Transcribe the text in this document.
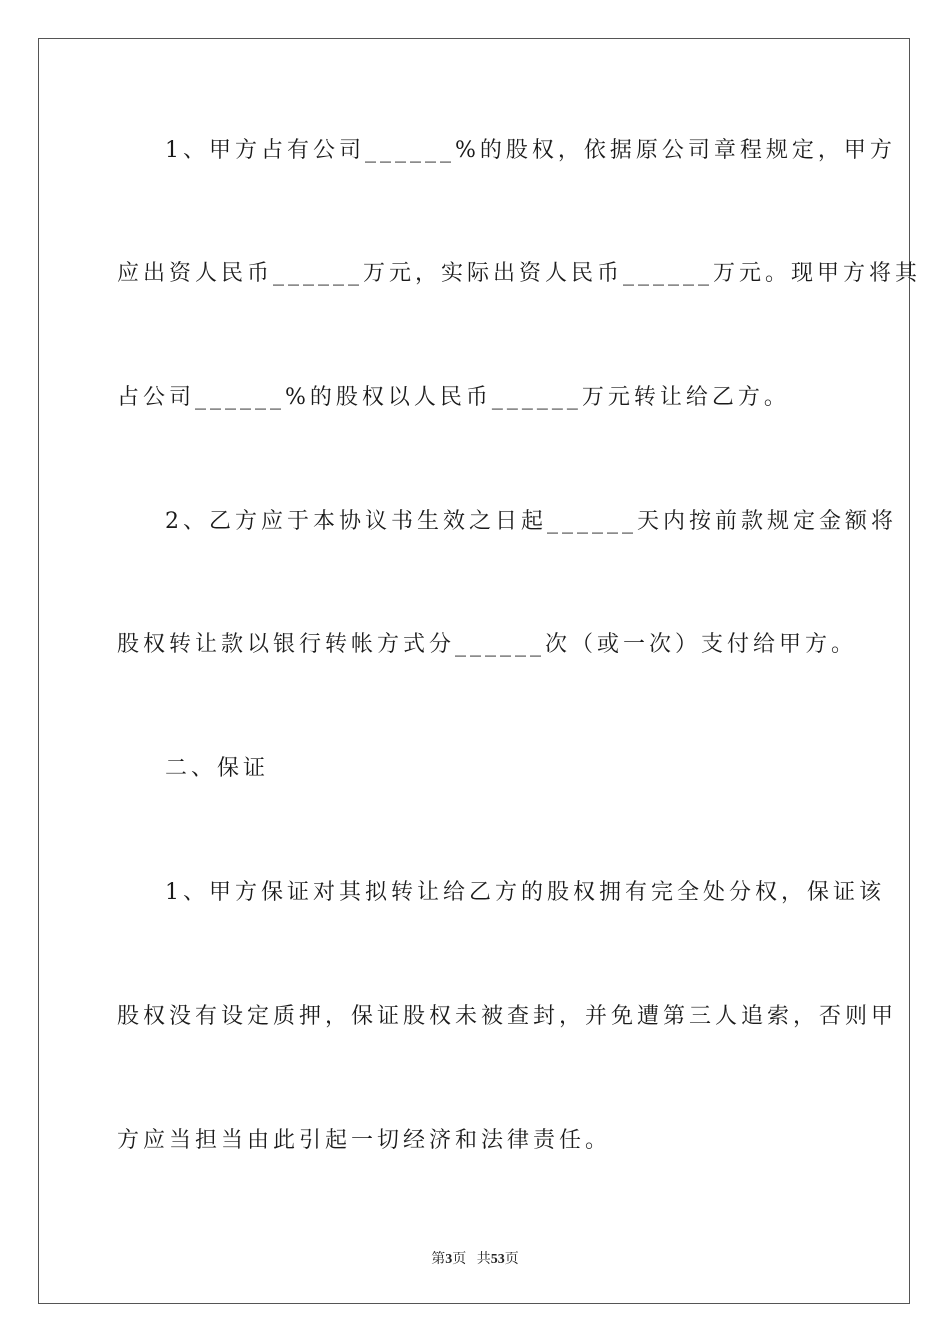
1、甲方占有公司______%的股权，依据原公司章程规定，甲方
应出资人民币______万元，实际出资人民币______万元。现甲方将其
占公司______%的股权以人民币______万元转让给乙方。
2、乙方应于本协议书生效之日起______天内按前款规定金额将
股权转让款以银行转帐方式分______次（或一次）支付给甲方。
二、保证
1、甲方保证对其拟转让给乙方的股权拥有完全处分权，保证该
股权没有设定质押，保证股权未被查封，并免遭第三人追索，否则甲
方应当担当由此引起一切经济和法律责任。
第3页 共53页
